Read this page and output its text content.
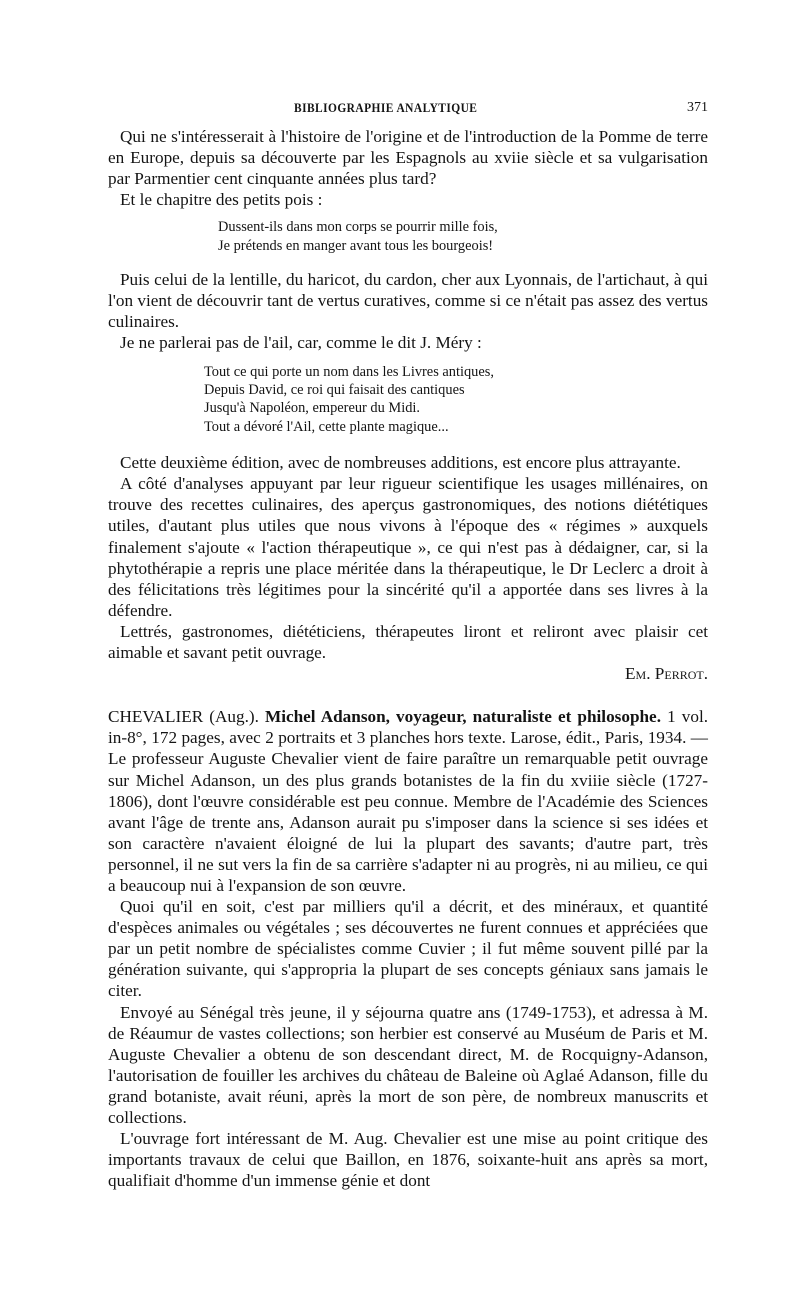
BIBLIOGRAPHIE ANALYTIQUE	371

Qui ne s'intéresserait à l'histoire de l'origine et de l'introduction de la Pomme de terre en Europe, depuis sa découverte par les Espagnols au xviie siècle et sa vulgarisation par Parmentier cent cinquante années plus tard?

Et le chapitre des petits pois :

Dussent-ils dans mon corps se pourrir mille fois,
Je prétends en manger avant tous les bourgeois!

Puis celui de la lentille, du haricot, du cardon, cher aux Lyonnais, de l'artichaut, à qui l'on vient de découvrir tant de vertus curatives, comme si ce n'était pas assez des vertus culinaires.

Je ne parlerai pas de l'ail, car, comme le dit J. Méry :

Tout ce qui porte un nom dans les Livres antiques,
Depuis David, ce roi qui faisait des cantiques
Jusqu'à Napoléon, empereur du Midi.
Tout a dévoré l'Ail, cette plante magique...

Cette deuxième édition, avec de nombreuses additions, est encore plus attrayante.

A côté d'analyses appuyant par leur rigueur scientifique les usages millénaires, on trouve des recettes culinaires, des aperçus gastronomiques, des notions diététiques utiles, d'autant plus utiles que nous vivons à l'époque des « régimes » auxquels finalement s'ajoute « l'action thérapeutique », ce qui n'est pas à dédaigner, car, si la phytothérapie a repris une place méritée dans la thérapeutique, le Dr Leclerc a droit à des félicitations très légitimes pour la sincérité qu'il a apportée dans ses livres à la défendre.

Lettrés, gastronomes, diététiciens, thérapeutes liront et reliront avec plaisir cet aimable et savant petit ouvrage.

Em. Perrot.

CHEVALIER (Aug.). Michel Adanson, voyageur, naturaliste et philosophe. 1 vol. in-8°, 172 pages, avec 2 portraits et 3 planches hors texte. Larose, édit., Paris, 1934. — Le professeur Auguste Chevalier vient de faire paraître un remarquable petit ouvrage sur Michel Adanson, un des plus grands botanistes de la fin du xviiie siècle (1727-1806), dont l'œuvre considérable est peu connue. Membre de l'Académie des Sciences avant l'âge de trente ans, Adanson aurait pu s'imposer dans la science si ses idées et son caractère n'avaient éloigné de lui la plupart des savants; d'autre part, très personnel, il ne sut vers la fin de sa carrière s'adapter ni au progrès, ni au milieu, ce qui a beaucoup nui à l'expansion de son œuvre.

Quoi qu'il en soit, c'est par milliers qu'il a décrit, et des minéraux, et quantité d'espèces animales ou végétales ; ses découvertes ne furent connues et appréciées que par un petit nombre de spécialistes comme Cuvier ; il fut même souvent pillé par la génération suivante, qui s'appropria la plupart de ses concepts géniaux sans jamais le citer.

Envoyé au Sénégal très jeune, il y séjourna quatre ans (1749-1753), et adressa à M. de Réaumur de vastes collections; son herbier est conservé au Muséum de Paris et M. Auguste Chevalier a obtenu de son descendant direct, M. de Rocquigny-Adanson, l'autorisation de fouiller les archives du château de Baleine où Aglaé Adanson, fille du grand botaniste, avait réuni, après la mort de son père, de nombreux manuscrits et collections.

L'ouvrage fort intéressant de M. Aug. Chevalier est une mise au point critique des importants travaux de celui que Baillon, en 1876, soixante-huit ans après sa mort, qualifiait d'homme d'un immense génie et dont
